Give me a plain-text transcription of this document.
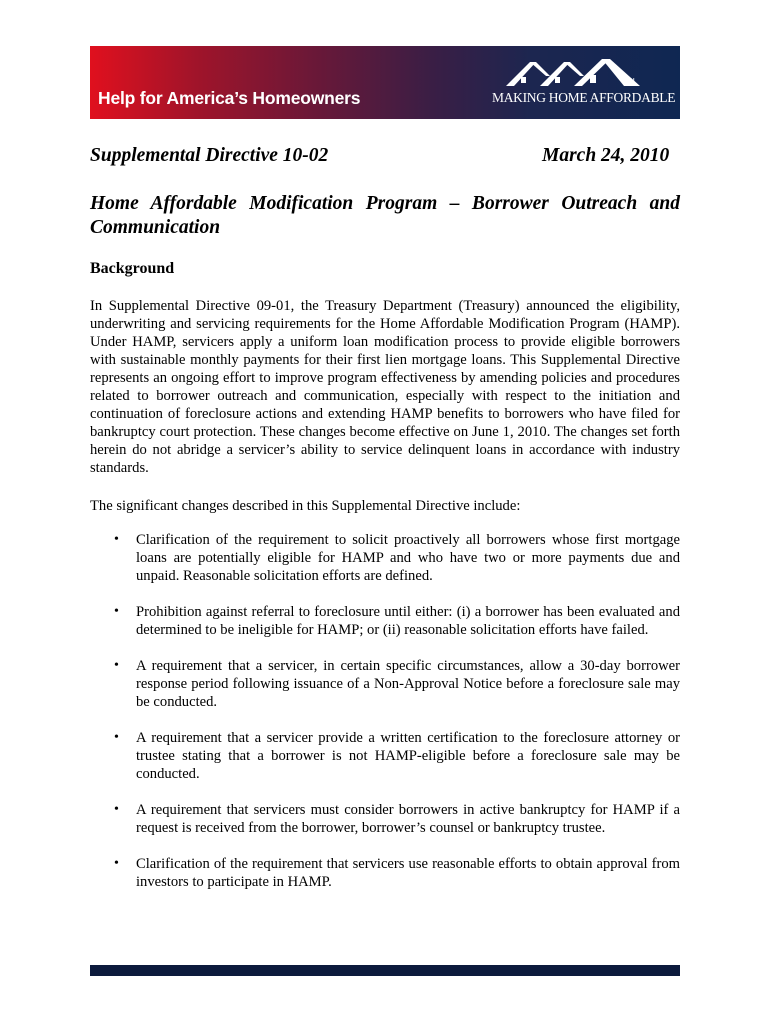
Help for America’s Homeowners
SM
MAKING HOME AFFORDABLE
Supplemental Directive 10-02	March 24, 2010
Home Affordable Modification Program – Borrower Outreach and Communication
Background

In Supplemental Directive 09-01, the Treasury Department (Treasury) announced the eligibility, underwriting and servicing requirements for the Home Affordable Modification Program (HAMP). Under HAMP, servicers apply a uniform loan modification process to provide eligible borrowers with sustainable monthly payments for their first lien mortgage loans. This Supplemental Directive represents an ongoing effort to improve program effectiveness by amending policies and procedures related to borrower outreach and communication, especially with respect to the initiation and continuation of foreclosure actions and extending HAMP benefits to borrowers who have filed for bankruptcy court protection. These changes become effective on June 1, 2010. The changes set forth herein do not abridge a servicer’s ability to service delinquent loans in accordance with industry standards.

The significant changes described in this Supplemental Directive include:

• Clarification of the requirement to solicit proactively all borrowers whose first mortgage loans are potentially eligible for HAMP and who have two or more payments due and unpaid. Reasonable solicitation efforts are defined.
• Prohibition against referral to foreclosure until either: (i) a borrower has been evaluated and determined to be ineligible for HAMP; or (ii) reasonable solicitation efforts have failed.
• A requirement that a servicer, in certain specific circumstances, allow a 30-day borrower response period following issuance of a Non-Approval Notice before a foreclosure sale may be conducted.
• A requirement that a servicer provide a written certification to the foreclosure attorney or trustee stating that a borrower is not HAMP-eligible before a foreclosure sale may be conducted.
• A requirement that servicers must consider borrowers in active bankruptcy for HAMP if a request is received from the borrower, borrower’s counsel or bankruptcy trustee.
• Clarification of the requirement that servicers use reasonable efforts to obtain approval from investors to participate in HAMP.
